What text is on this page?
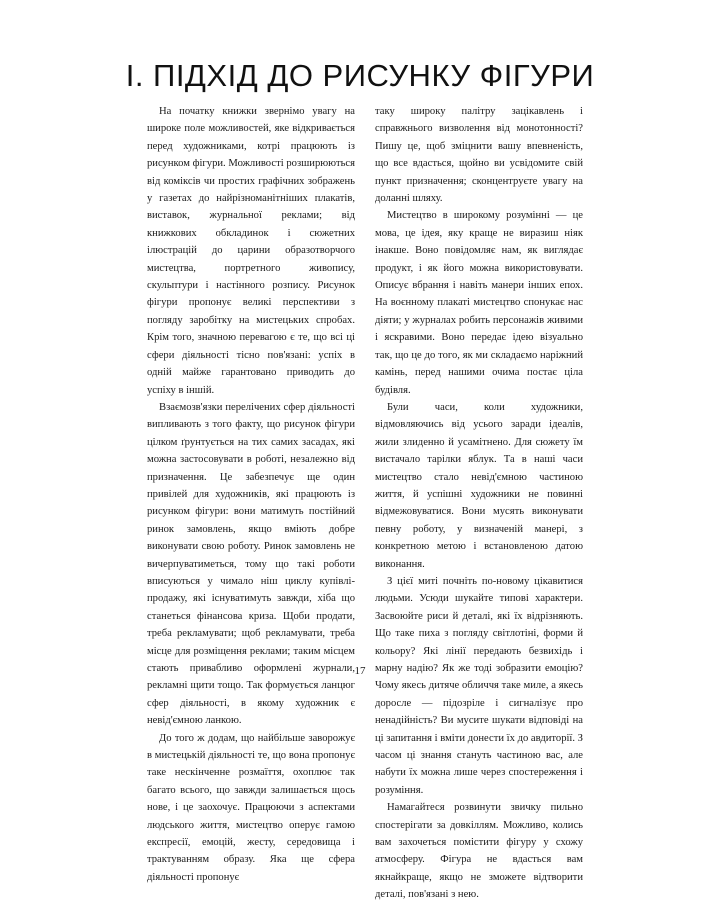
І. ПІДХІД ДО РИСУНКУ ФІГУРИ

На початку книжки звернімо увагу на широке поле можливостей, яке відкривається перед художниками, котрі працюють із рисунком фігури. Можливості розширюються від коміксів чи простих графічних зображень у газетах до найрізноманітніших плакатів, виставок, журнальної реклами; від книжкових обкладинок і сюжетних ілюстрацій до царини образотворчого мистецтва, портретного живопису, скульптури і настінного розпису. Рисунок фігури пропонує великі перспективи з погляду заробітку на мистецьких спробах. Крім того, значною перевагою є те, що всі ці сфери діяльності тісно пов'язані: успіх в одній майже гарантовано приводить до успіху в іншій.

Взаємозв'язки перелічених сфер діяльності випливають з того факту, що рисунок фігури цілком ґрунтується на тих самих засадах, які можна застосовувати в роботі, незалежно від призначення. Це забезпечує ще один привілей для художників, які працюють із рисунком фігури: вони матимуть постійний ринок замовлень, якщо вміють добре виконувати свою роботу. Ринок замовлень не вичерпуватиметься, тому що такі роботи вписуються у чимало ніш циклу купівлі-продажу, які існуватимуть завжди, хіба що станеться фінансова криза. Щоби продати, треба рекламувати; щоб рекламувати, треба місце для розміщення реклами; таким місцем стають привабливо оформлені журнали, рекламні щити тощо. Так формується ланцюг сфер діяльності, в якому художник є невід'ємною ланкою.

До того ж додам, що найбільше заворожує в мистецькій діяльності те, що вона пропонує таке нескінченне розмаїття, охоплює так багато всього, що завжди залишається щось нове, і це заохочує. Працюючи з аспектами людського життя, мистецтво оперує гамою експресії, емоцій, жесту, середовища і трактуванням образу. Яка ще сфера діяльності пропонує

таку широку палітру зацікавлень і справжнього визволення від монотонності? Пишу це, щоб зміцнити вашу впевненість, що все вдасться, щойно ви усвідомите свій пункт призначення; сконцентруєте увагу на доланні шляху.

Мистецтво в широкому розумінні — це мова, це ідея, яку краще не виразиш ніяк інакше. Воно повідомляє нам, як виглядає продукт, і як його можна використовувати. Описує вбрання і навіть манери інших епох. На воєнному плакаті мистецтво спонукає нас діяти; у журналах робить персонажів живими і яскравими. Воно передає ідею візуально так, що це до того, як ми складаємо наріжний камінь, перед нашими очима постає ціла будівля.

Були часи, коли художники, відмовляючись від усього заради ідеалів, жили злиденно й усамітнено. Для сюжету їм вистачало тарілки яблук. Та в наші часи мистецтво стало невід'ємною частиною життя, й успішні художники не повинні відмежовуватися. Вони мусять виконувати певну роботу, у визначеній манері, з конкретною метою і встановленою датою виконання.

З цієї миті почніть по-новому цікавитися людьми. Усюди шукайте типові характери. Засвоюйте риси й деталі, які їх відрізняють. Що таке пиха з погляду світлотіні, форми й кольору? Які лінії передають безвихідь і марну надію? Як же тоді зобразити емоцію? Чому якесь дитяче обличчя таке миле, а якесь доросле — підозріле і сигналізує про ненадійність? Ви мусите шукати відповіді на ці запитання і вміти донести їх до авдиторії. З часом ці знання стануть частиною вас, але набути їх можна лише через спостереження і розуміння.

Намагайтеся розвинути звичку пильно спостерігати за довкіллям. Можливо, колись вам захочеться помістити фігуру у схожу атмосферу. Фігура не вдасться вам якнайкраще, якщо не зможете відтворити деталі, пов'язані з нею.

17
